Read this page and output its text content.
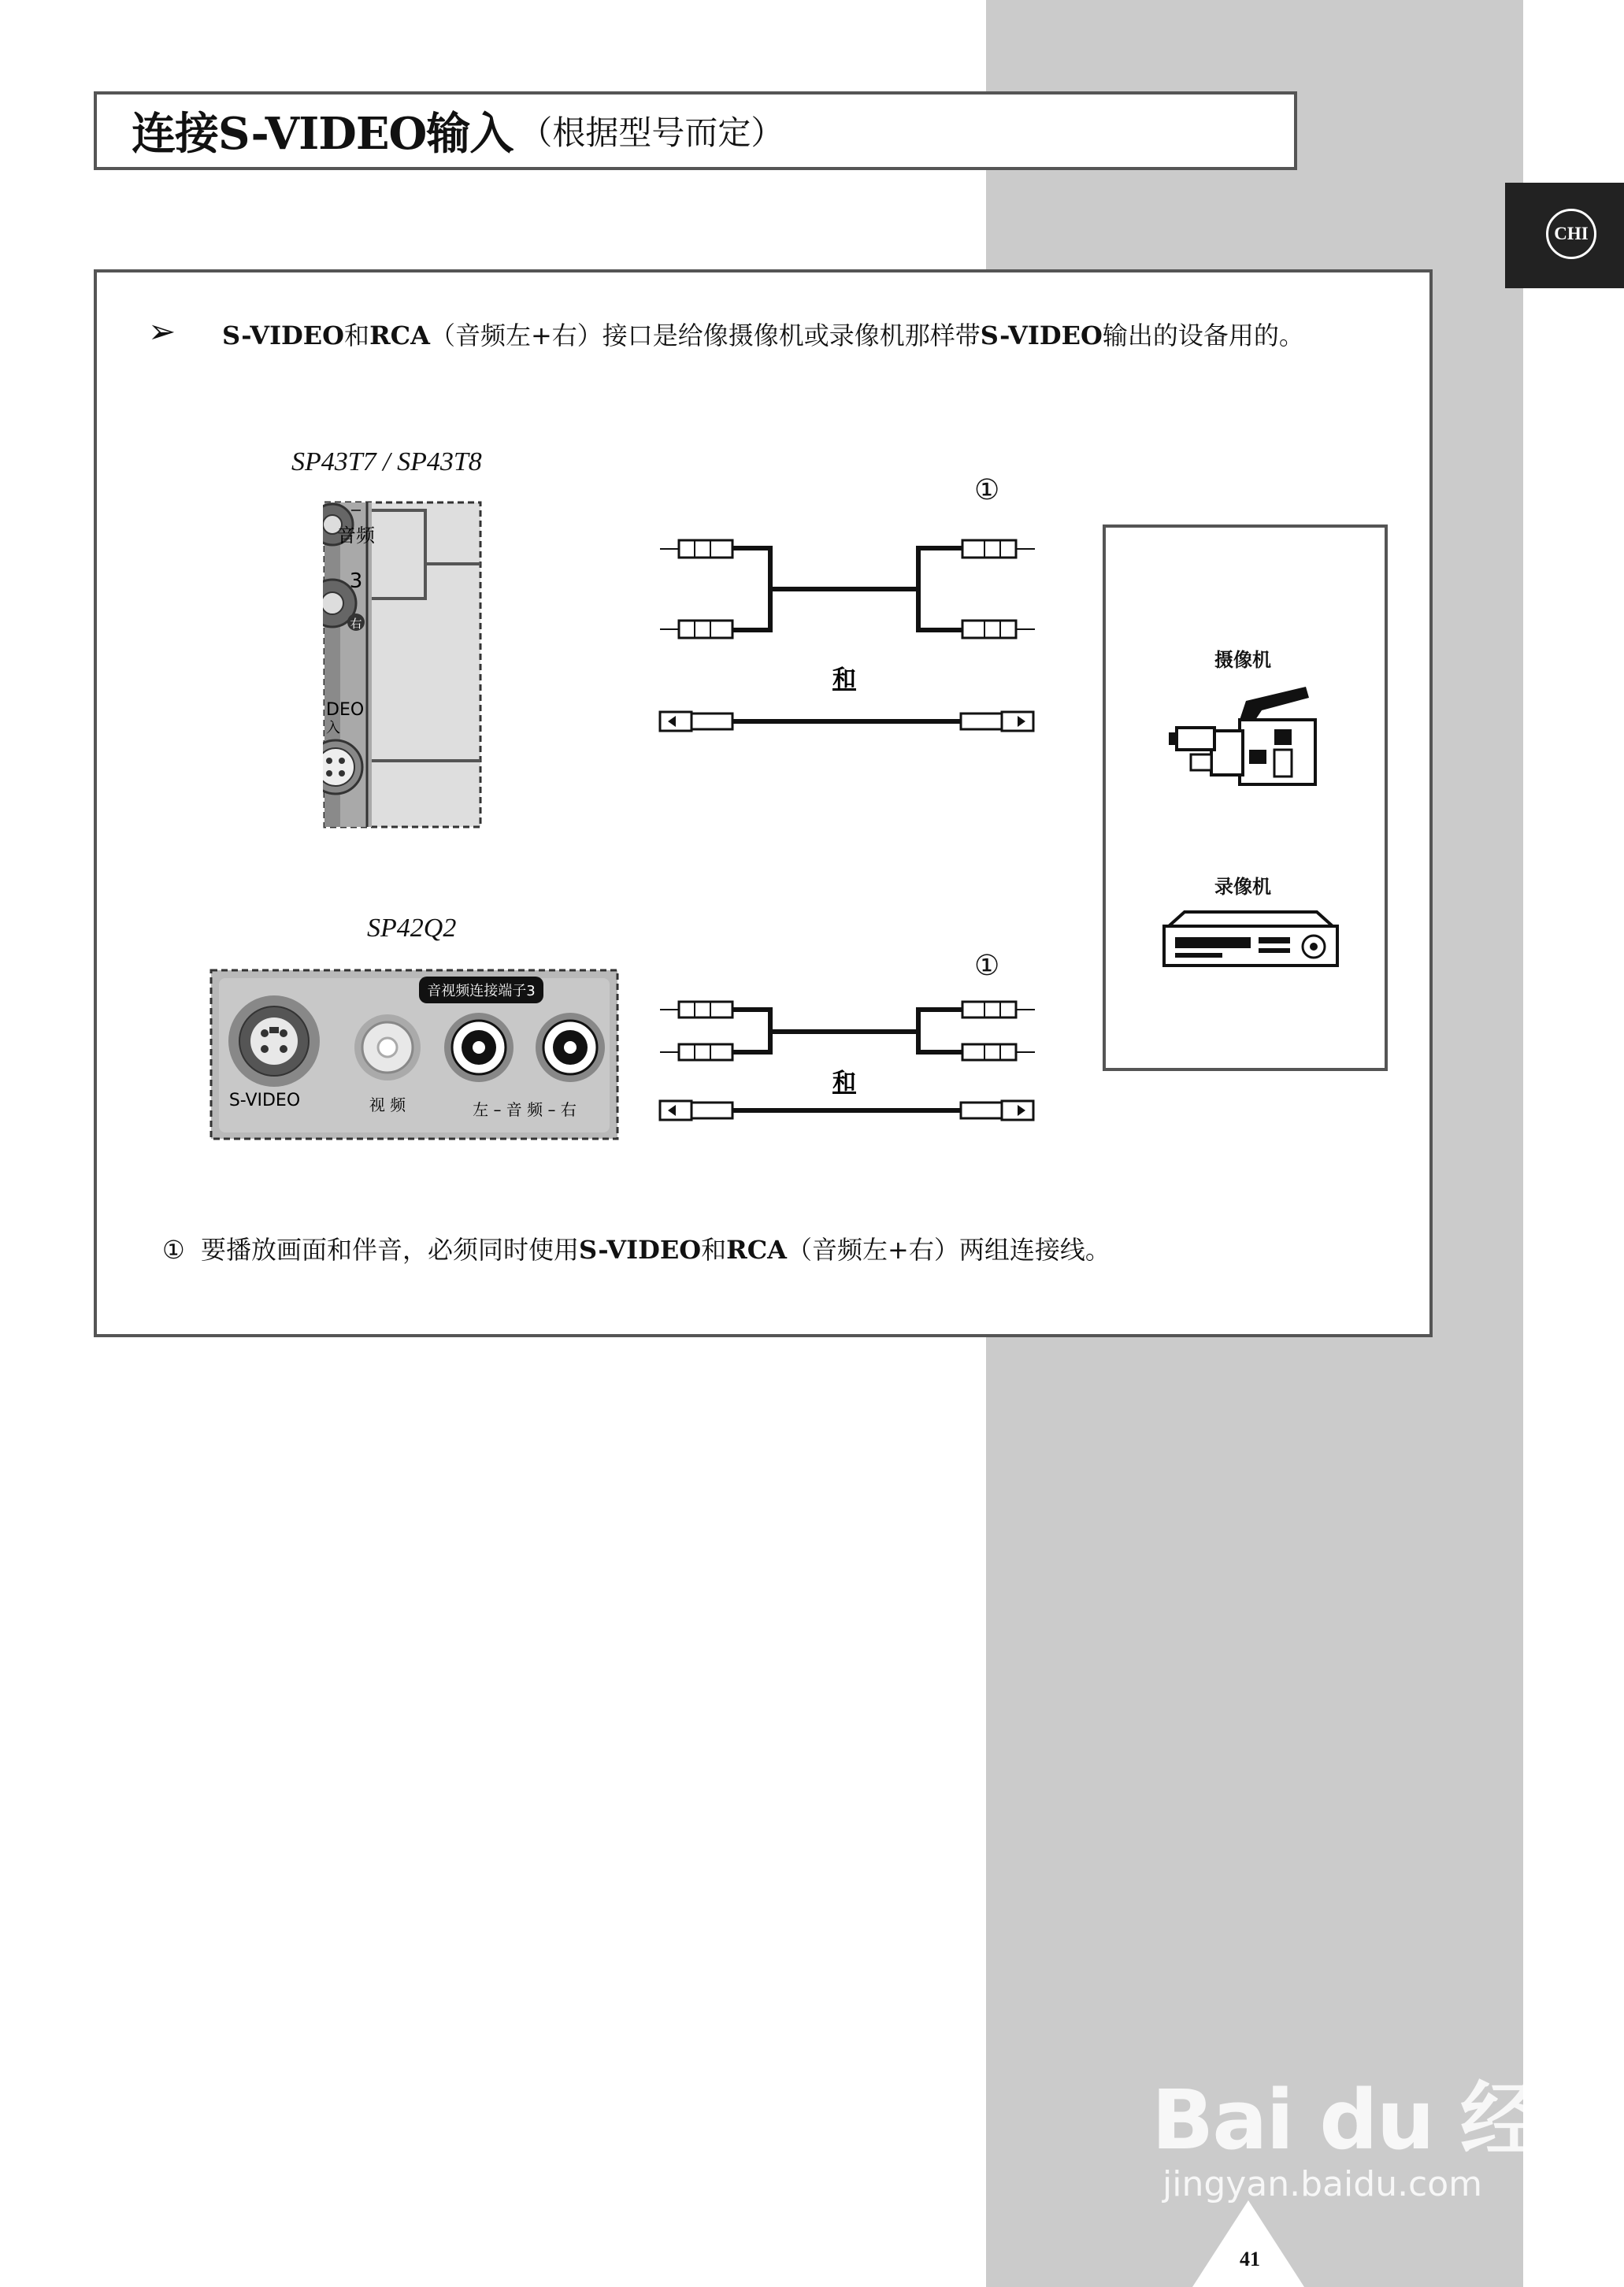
CHI
连接S-VIDEO输入 （根据型号而定）
➢ S-VIDEO和RCA（音频左+右）接口是给像摄像机或录像机那样带S-VIDEO输出的设备用的。
SP43T7 / SP43T8
音频
3
右
DEO
入
①
和
SP42Q2
S-VIDEO	视 频
音视频连接端子3
左 – 音 频 – 右
①
和
摄像机
录像机
① 要播放画面和伴音，必须同时使用S-VIDEO和RCA（音频左+右）两组连接线。
41
Bai du 经验
jingyan.baidu.com
